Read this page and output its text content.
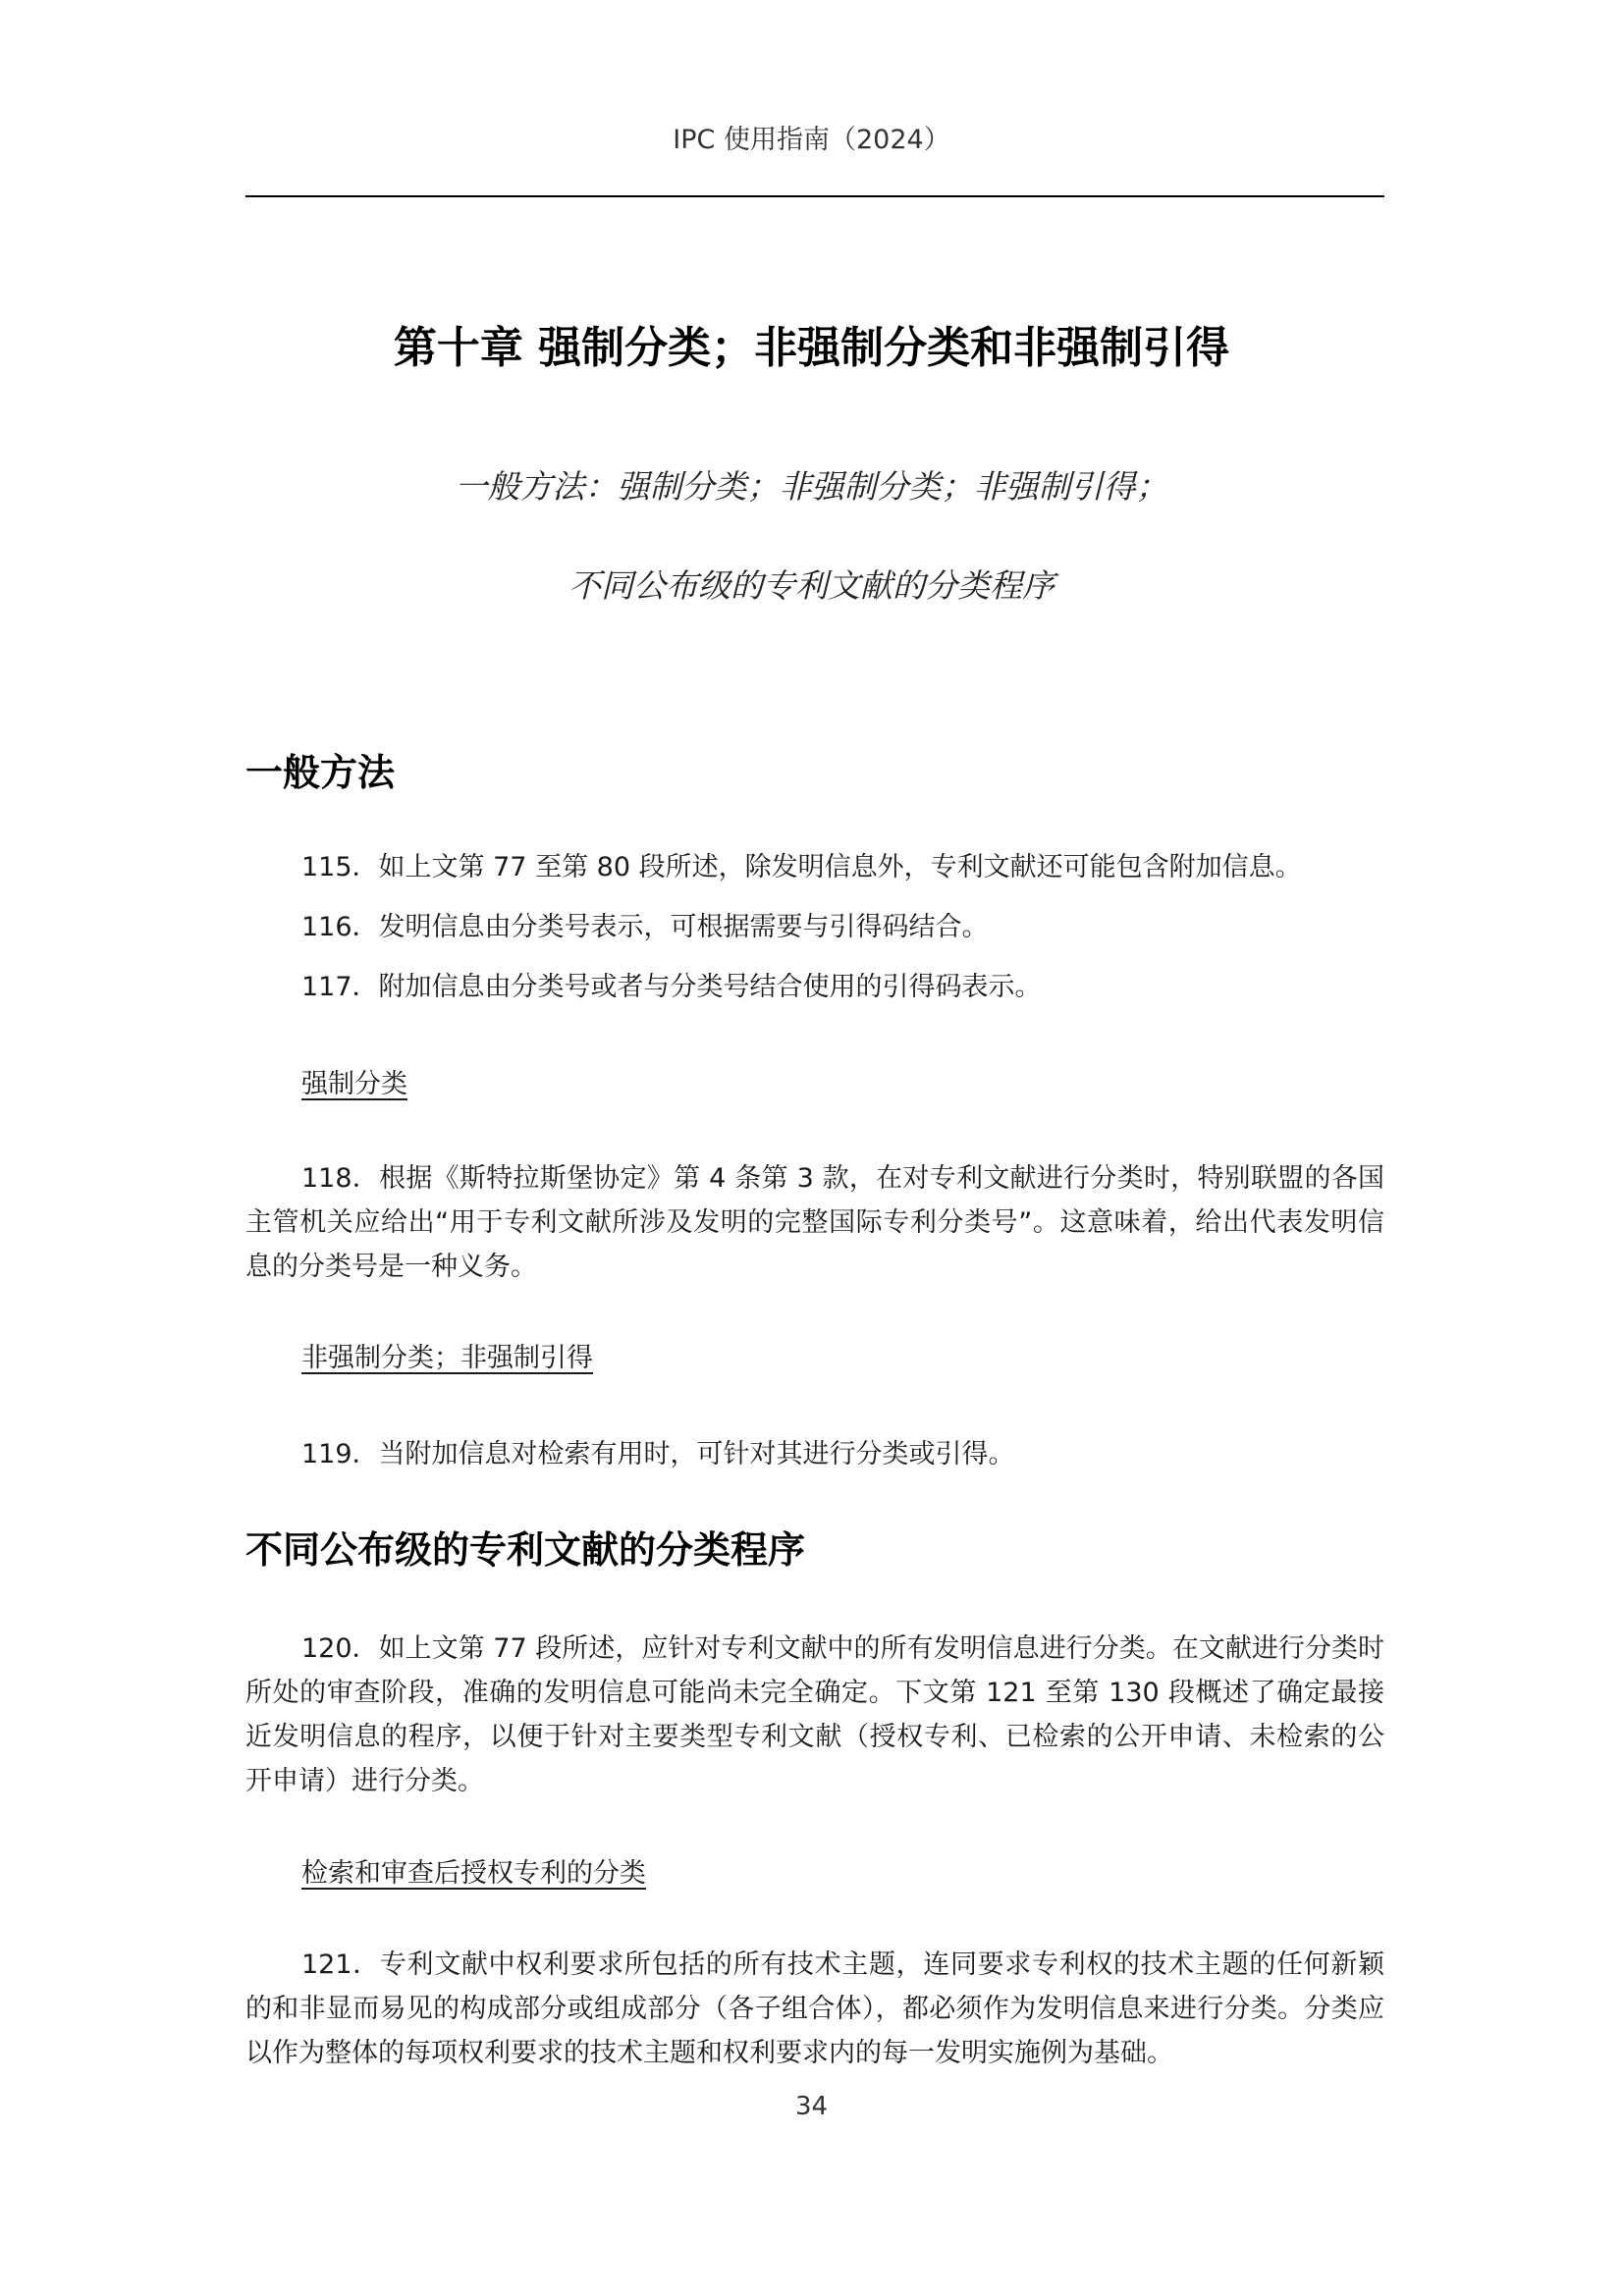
IPC 使用指南（2024）
第十章 强制分类；非强制分类和非强制引得
一般方法：强制分类；非强制分类；非强制引得；
不同公布级的专利文献的分类程序
一般方法

115．如上文第 77 至第 80 段所述，除发明信息外，专利文献还可能包含附加信息。

116．发明信息由分类号表示，可根据需要与引得码结合。

117．附加信息由分类号或者与分类号结合使用的引得码表示。

强制分类

118．根据《斯特拉斯堡协定》第 4 条第 3 款，在对专利文献进行分类时，特别联盟的各国主管机关应给出“用于专利文献所涉及发明的完整国际专利分类号”。这意味着，给出代表发明信息的分类号是一种义务。

非强制分类；非强制引得

119．当附加信息对检索有用时，可针对其进行分类或引得。

不同公布级的专利文献的分类程序

120．如上文第 77 段所述，应针对专利文献中的所有发明信息进行分类。在文献进行分类时所处的审查阶段，准确的发明信息可能尚未完全确定。下文第 121 至第 130 段概述了确定最接近发明信息的程序，以便于针对主要类型专利文献（授权专利、已检索的公开申请、未检索的公开申请）进行分类。

检索和审查后授权专利的分类

121．专利文献中权利要求所包括的所有技术主题，连同要求专利权的技术主题的任何新颖的和非显而易见的构成部分或组成部分（各子组合体），都必须作为发明信息来进行分类。分类应以作为整体的每项权利要求的技术主题和权利要求内的每一发明实施例为基础。

34
